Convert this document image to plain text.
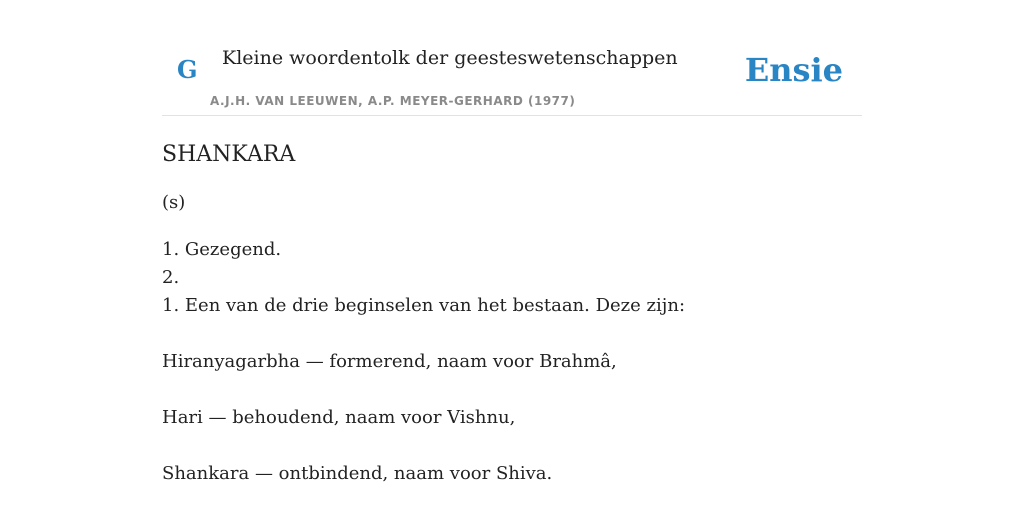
G Kleine woordentolk der geesteswetenschappen
A.J.H. VAN LEEUWEN, A.P. MEYER-GERHARD (1977)
Ensie
SHANKARA
(s)
1. Gezegend.
2.
1. Een van de drie beginselen van het bestaan. Deze zijn:
Hiranyagarbha — formerend, naam voor Brahmâ,
Hari — behoudend, naam voor Vishnu,
Shankara — ontbindend, naam voor Shiva.
